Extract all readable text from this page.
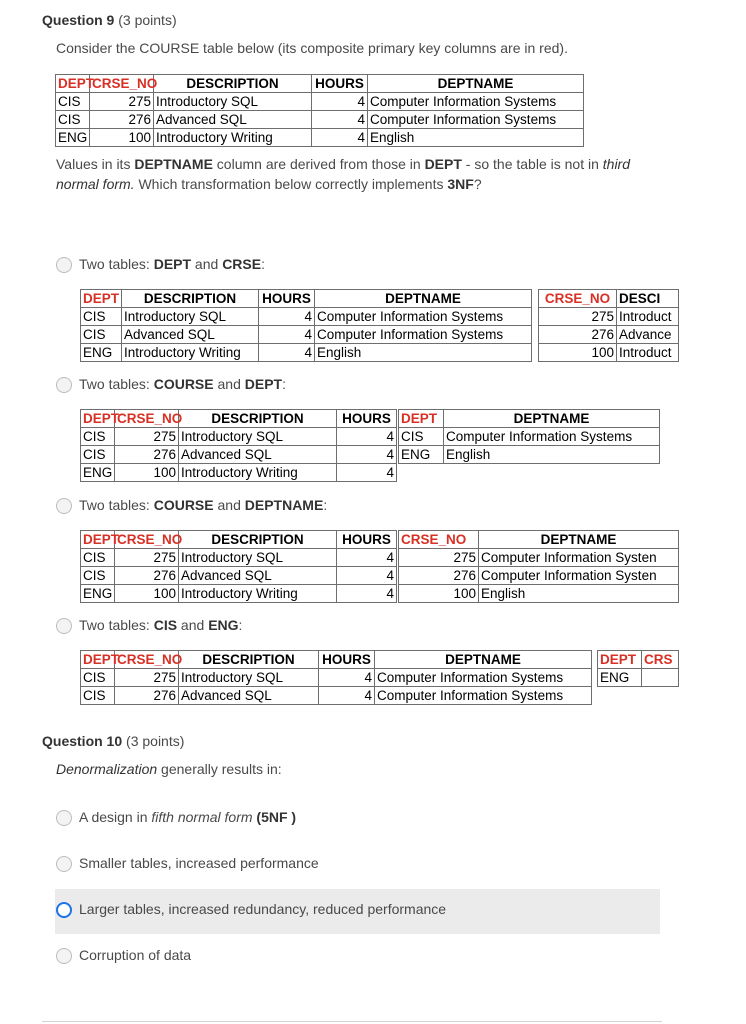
Question 9 (3 points)
Consider the COURSE table below (its composite primary key columns are in red).
DEPT	CRSE_NO	DESCRIPTION	HOURS	DEPTNAME
CIS	275	Introductory SQL	4	Computer Information Systems
CIS	276	Advanced SQL	4	Computer Information Systems
ENG	100	Introductory Writing	4	English
Values in its DEPTNAME column are derived from those in DEPT - so the table is not in third normal form. Which transformation below correctly implements 3NF?
Two tables: DEPT and CRSE:
DEPT	DESCRIPTION	HOURS	DEPTNAME
CIS	Introductory SQL	4	Computer Information Systems
CIS	Advanced SQL	4	Computer Information Systems
ENG	Introductory Writing	4	English
CRSE_NO	DESCI
275	Introduct
276	Advance
100	Introduct
Two tables: COURSE and DEPT:
DEPT	CRSE_NO	DESCRIPTION	HOURS
CIS	275	Introductory SQL	4
CIS	276	Advanced SQL	4
ENG	100	Introductory Writing	4
DEPT	DEPTNAME
CIS	Computer Information Systems
ENG	English
Two tables: COURSE and DEPTNAME:
DEPT	CRSE_NO	DESCRIPTION	HOURS
CIS	275	Introductory SQL	4
CIS	276	Advanced SQL	4
ENG	100	Introductory Writing	4
CRSE_NO	DEPTNAME
275	Computer Information Systen
276	Computer Information Systen
100	English
Two tables: CIS and ENG:
DEPT	CRSE_NO	DESCRIPTION	HOURS	DEPTNAME
CIS	275	Introductory SQL	4	Computer Information Systems
CIS	276	Advanced SQL	4	Computer Information Systems
DEPT	CRS
ENG	
Question 10 (3 points)
Denormalization generally results in:
A design in fifth normal form (5NF )
Smaller tables, increased performance
Larger tables, increased redundancy, reduced performance
Corruption of data
